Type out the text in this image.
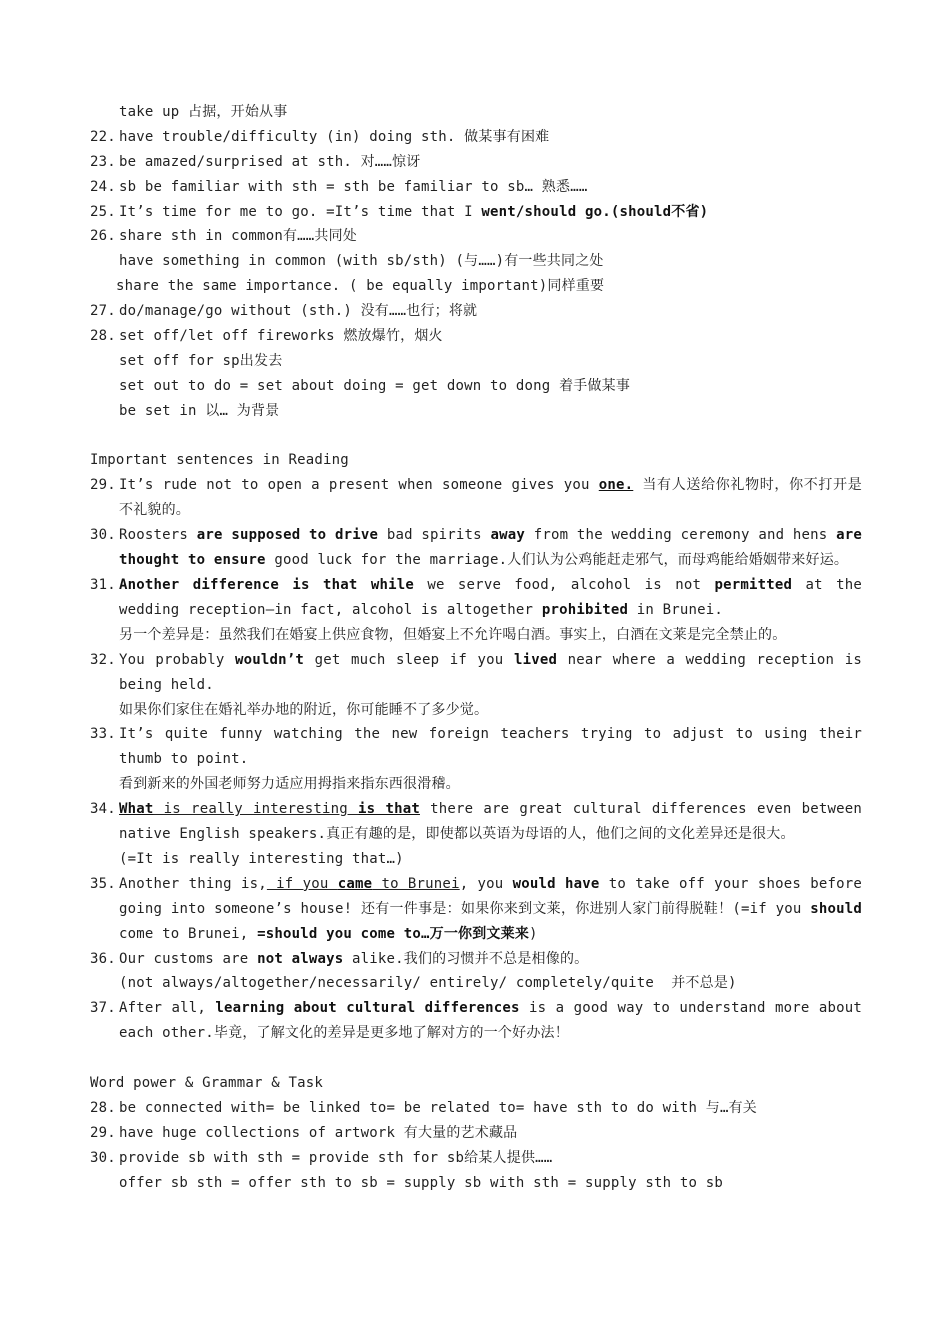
take up 占据，开始从事
22. have trouble/difficulty (in) doing sth. 做某事有困难
23. be amazed/surprised at sth. 对……惊讶
24. sb be familiar with sth = sth be familiar to sb… 熟悉……
25. It’s time for me to go. =It’s time that I went/should go.(should不省)
26. share sth in common有……共同处
have something in common (with sb/sth) (与……)有一些共同之处
share the same importance. ( be equally important)同样重要
27. do/manage/go without (sth.) 没有……也行；将就
28. set off/let off fireworks 燃放爆竹，烟火
set off for sp出发去
set out to do = set about doing = get down to dong 着手做某事
be set in 以… 为背景
Important sentences in Reading
29. It’s rude not to open a present when someone gives you one. 当有人送给你礼物时，你不打开是不礼貌的。
30. Roosters are supposed to drive bad spirits away from the wedding ceremony and hens are thought to ensure good luck for the marriage.人们认为公鸡能赶走邪气，而母鸡能给婚姻带来好运。
31. Another difference is that while we serve food, alcohol is not permitted at the wedding reception—in fact, alcohol is altogether prohibited in Brunei.
另一个差异是：虽然我们在婚宴上供应食物，但婚宴上不允许喝白酒。事实上，白酒在文莱是完全禁止的。
32. You probably wouldn’t get much sleep if you lived near where a wedding reception is being held.
如果你们家住在婚礼举办地的附近，你可能睡不了多少觉。
33. It’s quite funny watching the new foreign teachers trying to adjust to using their thumb to point.
看到新来的外国老师努力适应用拇指来指东西很滑稽。
34. What is really interesting is that there are great cultural differences even between native English speakers.真正有趣的是，即使都以英语为母语的人，他们之间的文化差异还是很大。
(=It is really interesting that…)
35. Another thing is, if you came to Brunei, you would have to take off your shoes before going into someone’s house! 还有一件事是：如果你来到文莱，你进别人家门前得脱鞋！(=if you should come to Brunei, =should you come to…万一你到文莱来)
36. Our customs are not always alike.我们的习惯并不总是相像的。
(not always/altogether/necessarily/ entirely/ completely/quite  并不总是)
37. After all, learning about cultural differences is a good way to understand more about each other.毕竟，了解文化的差异是更多地了解对方的一个好办法！
Word power & Grammar & Task
28. be connected with= be linked to= be related to= have sth to do with 与…有关
29. have huge collections of artwork 有大量的艺术藏品
30. provide sb with sth = provide sth for sb给某人提供……
offer sb sth = offer sth to sb = supply sb with sth = supply sth to sb
